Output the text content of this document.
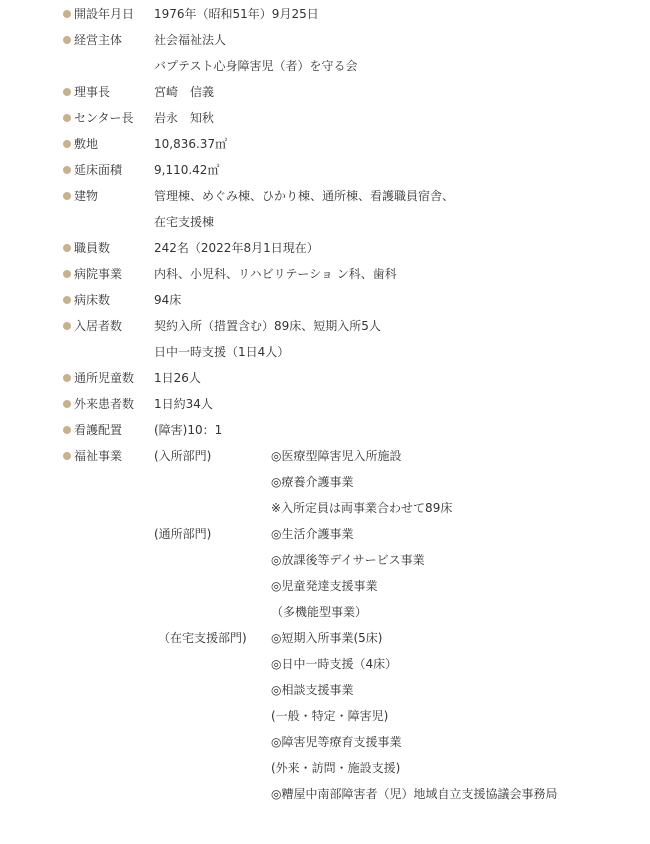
開設年月日 1976年（昭和51年）9月25日
経営主体	社会福祉法人
バプテスト心身障害児（者）を守る会
理事長	宮崎　信義
センター長 岩永　知秋
敷地	10,836.37㎡
延床面積	9,110.42㎡
建物	管理棟、めぐみ棟、ひかり棟、通所棟、看護職員宿舎、
在宅支援棟
職員数	242名（2022年8月1日現在）
病院事業	内科、小児科、リハビリテーショ ン科、歯科
病床数	94床
入居者数	契約入所（措置含む）89床、短期入所5人
日中一時支援（1日4人）
通所児童数 1日26人
外来患者数 1日約34人
看護配置	(障害)10：1
福祉事業	(入所部門)	◎医療型障害児入所施設
◎療養介護事業
※入所定員は両事業合わせて89床
(通所部門)	◎生活介護事業
◎放課後等デイサービス事業
◎児童発達支援事業
（多機能型事業）
（在宅支援部門) ◎短期入所事業(5床)
◎日中一時支援（4床）
◎相談支援事業
(一般・特定・障害児)
◎障害児等療育支援事業
(外来・訪問・施設支援)
◎糟屋中南部障害者（児）地域自立支援協議会事務局
